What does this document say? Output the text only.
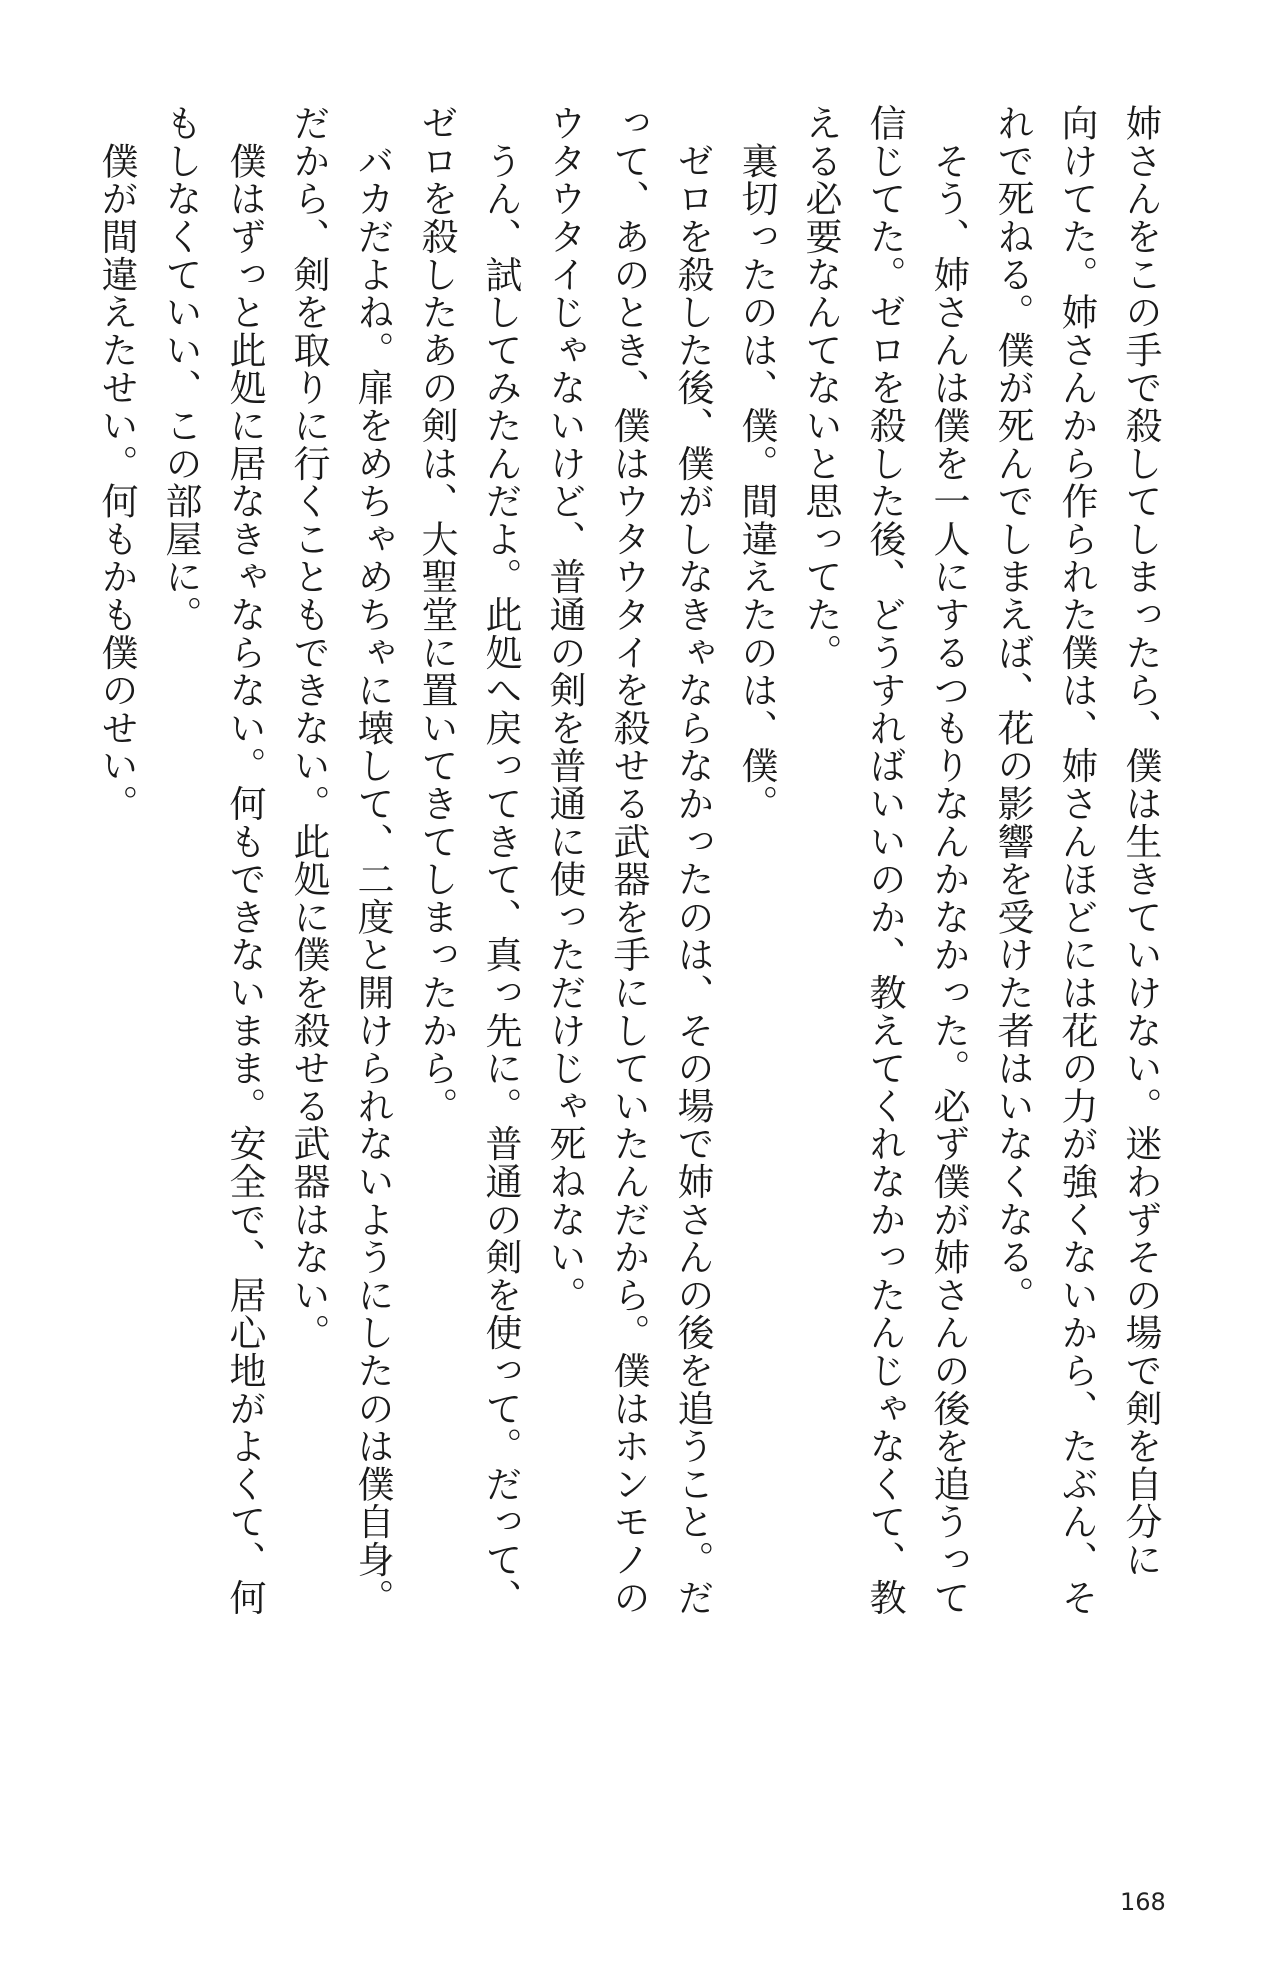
姉さんをこの手で殺してしまったら、僕は生きていけない。迷わずその場で剣を自分に
向けてた。姉さんから作られた僕は、姉さんほどには花の力が強くないから、たぶん、そ
れで死ねる。僕が死んでしまえば、花の影響を受けた者はいなくなる。
　そう、姉さんは僕を一人にするつもりなんかなかった。必ず僕が姉さんの後を追うって
信じてた。ゼロを殺した後、どうすればいいのか、教えてくれなかったんじゃなくて、教
える必要なんてないと思ってた。
　裏切ったのは、僕。間違えたのは、僕。
　ゼロを殺した後、僕がしなきゃならなかったのは、その場で姉さんの後を追うこと。だ
って、あのとき、僕はウタウタイを殺せる武器を手にしていたんだから。僕はホンモノの
ウタウタイじゃないけど、普通の剣を普通に使っただけじゃ死ねない。
　うん、試してみたんだよ。此処へ戻ってきて、真っ先に。普通の剣を使って。だって、
ゼロを殺したあの剣は、大聖堂に置いてきてしまったから。
　バカだよね。扉をめちゃめちゃに壊して、二度と開けられないようにしたのは僕自身。
だから、剣を取りに行くこともできない。此処に僕を殺せる武器はない。
　僕はずっと此処に居なきゃならない。何もできないまま。安全で、居心地がよくて、何
もしなくていい、この部屋に。
　僕が間違えたせい。何もかも僕のせい。
168
